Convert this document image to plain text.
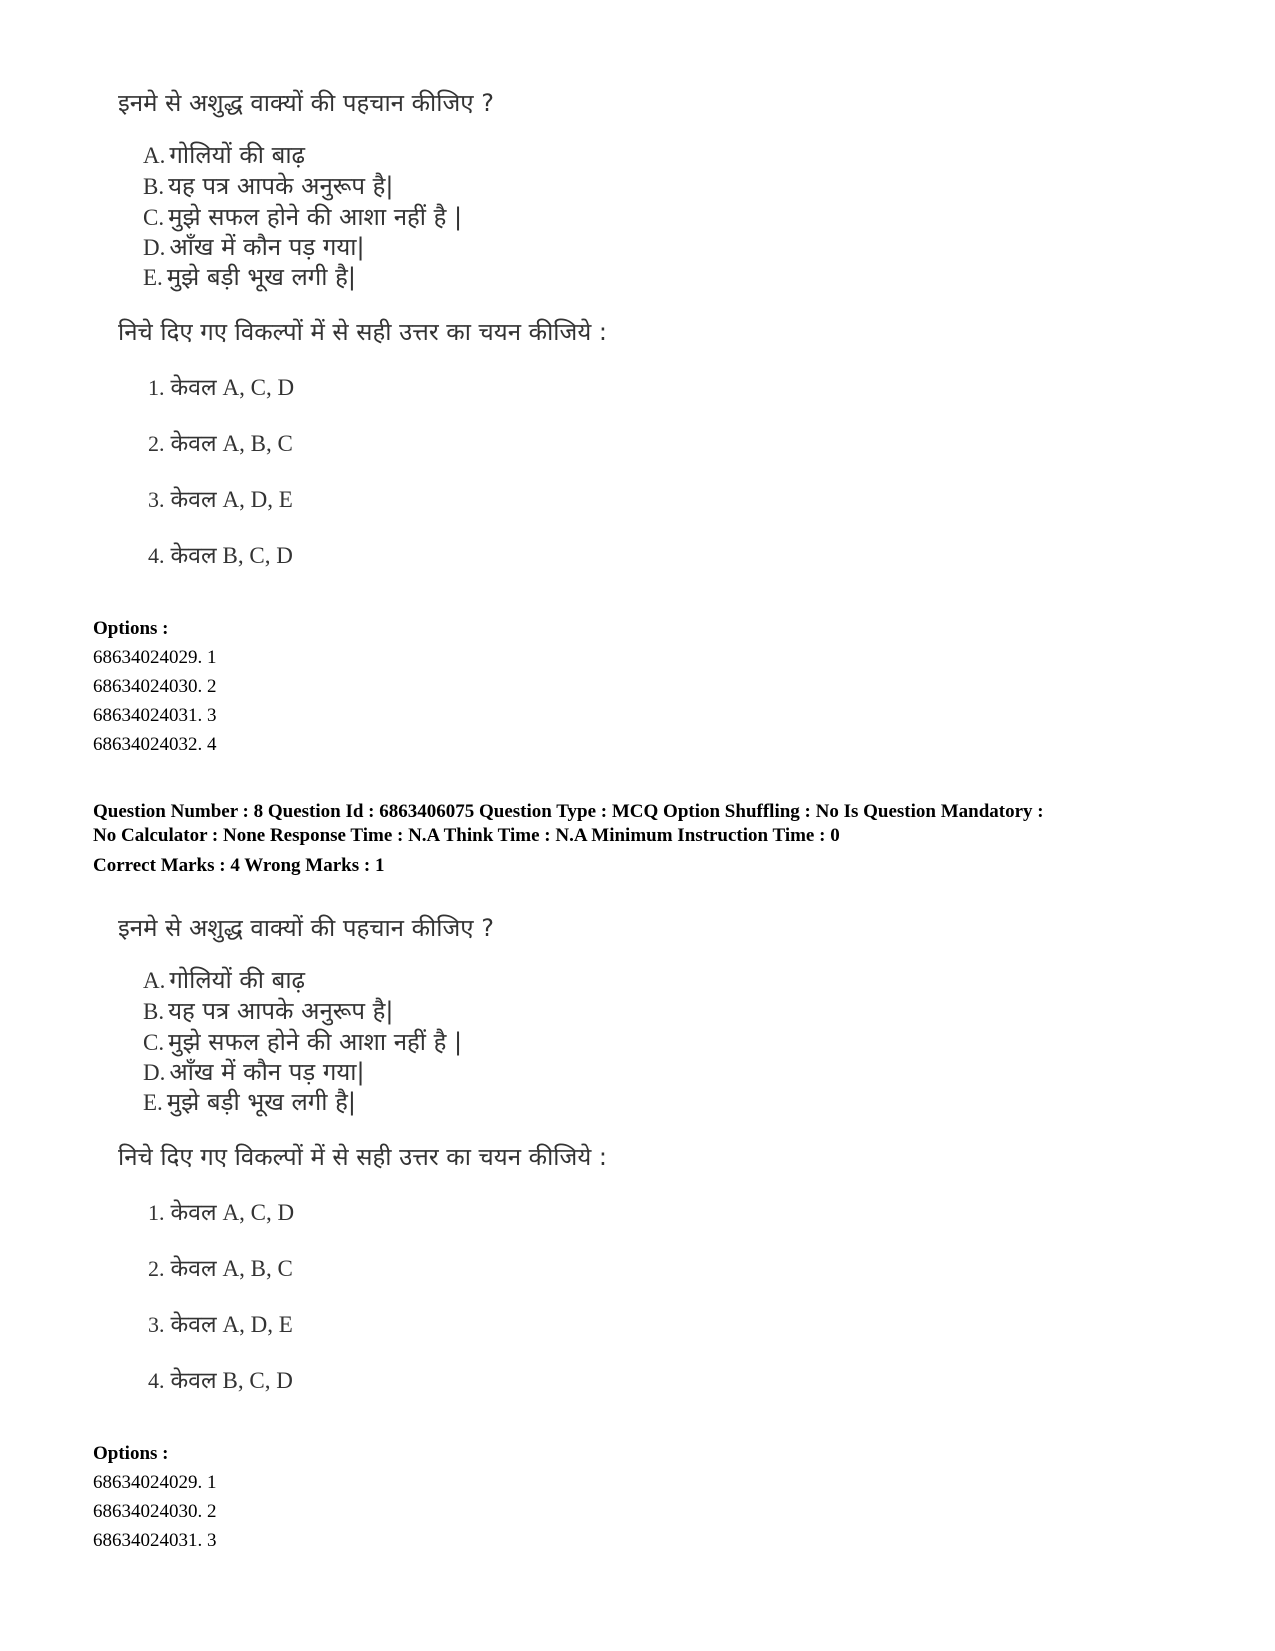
इनमे से अशुद्ध वाक्यों की पहचान कीजिए ?
A. गोलियों की बाढ़
B. यह पत्र आपके अनुरूप है|
C. मुझे सफल होने की आशा नहीं है |
D. आँख में कौन पड़ गया|
E. मुझे बड़ी भूख लगी है|
निचे दिए गए विकल्पों में से सही उत्तर का चयन कीजिये :
1. केवल A, C, D
2. केवल A, B, C
3. केवल A, D, E
4. केवल B, C, D
Options :
68634024029. 1
68634024030. 2
68634024031. 3
68634024032. 4
Question Number : 8 Question Id : 6863406075 Question Type : MCQ Option Shuffling : No Is Question Mandatory :
No Calculator : None Response Time : N.A Think Time : N.A Minimum Instruction Time : 0
Correct Marks : 4 Wrong Marks : 1
इनमे से अशुद्ध वाक्यों की पहचान कीजिए ?
A. गोलियों की बाढ़
B. यह पत्र आपके अनुरूप है|
C. मुझे सफल होने की आशा नहीं है |
D. आँख में कौन पड़ गया|
E. मुझे बड़ी भूख लगी है|
निचे दिए गए विकल्पों में से सही उत्तर का चयन कीजिये :
1. केवल A, C, D
2. केवल A, B, C
3. केवल A, D, E
4. केवल B, C, D
Options :
68634024029. 1
68634024030. 2
68634024031. 3
